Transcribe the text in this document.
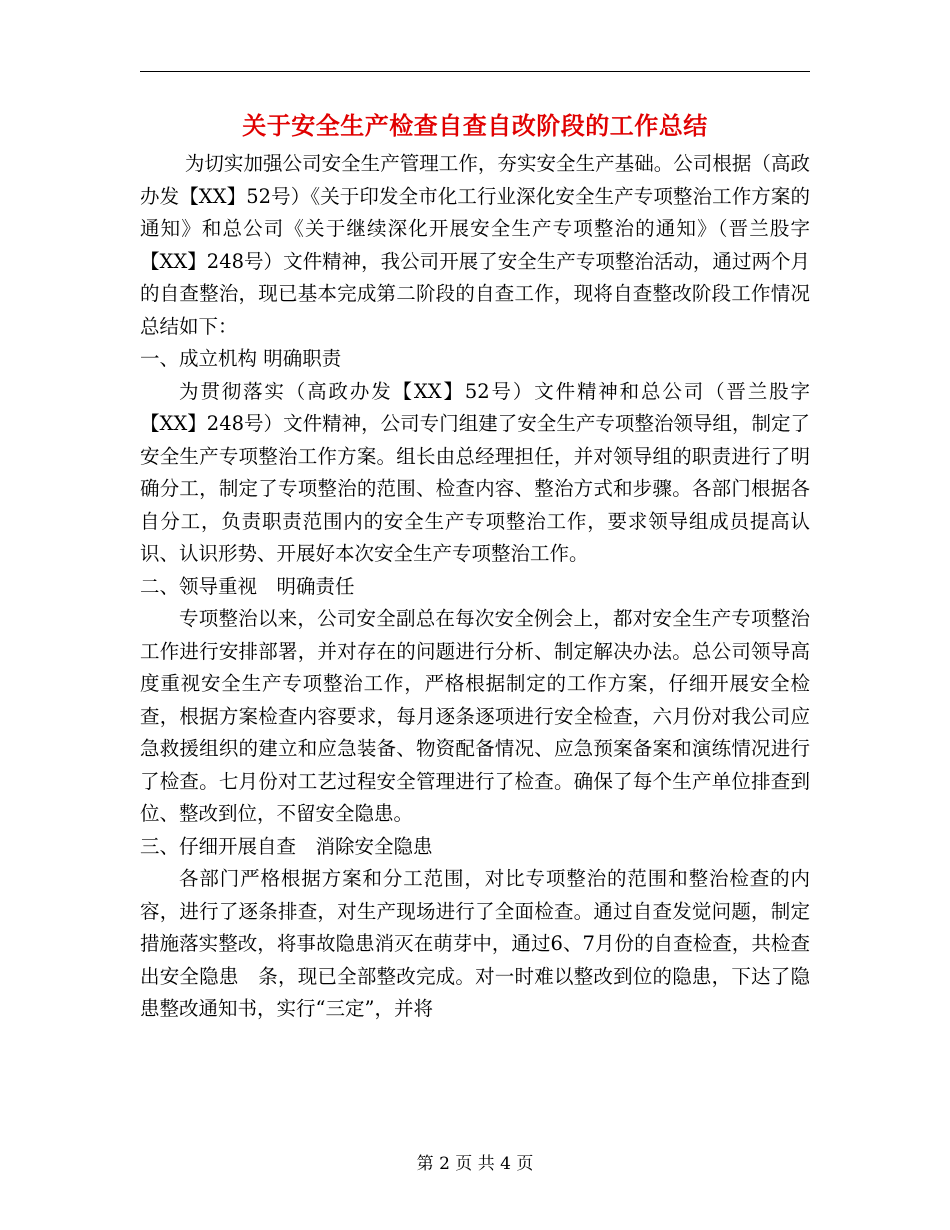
关于安全生产检查自查自改阶段的工作总结

为切实加强公司安全生产管理工作，夯实安全生产基础。公司根据（高政办发【XX】52号）《关于印发全市化工行业深化安全生产专项整治工作方案的通知》和总公司《关于继续深化开展安全生产专项整治的通知》（晋兰股字【XX】248号）文件精神，我公司开展了安全生产专项整治活动，通过两个月的自查整治，现已基本完成第二阶段的自查工作，现将自查整改阶段工作情况总结如下：

一、成立机构 明确职责

为贯彻落实（高政办发【XX】52号）文件精神和总公司（晋兰股字【XX】248号）文件精神，公司专门组建了安全生产专项整治领导组，制定了安全生产专项整治工作方案。组长由总经理担任，并对领导组的职责进行了明确分工，制定了专项整治的范围、检查内容、整治方式和步骤。各部门根据各自分工，负责职责范围内的安全生产专项整治工作，要求领导组成员提高认识、认识形势、开展好本次安全生产专项整治工作。

二、领导重视　明确责任

专项整治以来，公司安全副总在每次安全例会上，都对安全生产专项整治工作进行安排部署，并对存在的问题进行分析、制定解决办法。总公司领导高度重视安全生产专项整治工作，严格根据制定的工作方案，仔细开展安全检查，根据方案检查内容要求，每月逐条逐项进行安全检查，六月份对我公司应急救援组织的建立和应急装备、物资配备情况、应急预案备案和演练情况进行了检查。七月份对工艺过程安全管理进行了检查。确保了每个生产单位排查到位、整改到位，不留安全隐患。

三、仔细开展自查　消除安全隐患

各部门严格根据方案和分工范围，对比专项整治的范围和整治检查的内容，进行了逐条排查，对生产现场进行了全面检查。通过自查发觉问题，制定措施落实整改，将事故隐患消灭在萌芽中，通过6、7月份的自查检查，共检查出安全隐患　条，现已全部整改完成。对一时难以整改到位的隐患，下达了隐患整改通知书，实行“三定”，并将

第 2 页 共 4 页
